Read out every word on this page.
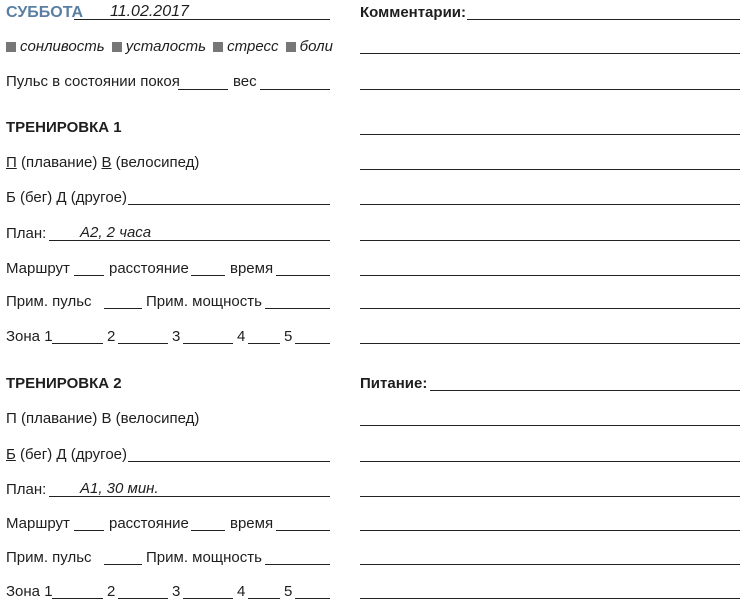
СУББОТА 11.02.2017	Комментарии:
сонливость усталость стресс боли
Пульс в состоянии покоя	вес
ТРЕНИРОВКА 1
П (плавание) В (велосипед)
Б (бег) Д (другое)
План: А2, 2 часа
Маршрут	расстояние	время
Прим. пульс	Прим. мощность
Зона 1	2	3	4	5
ТРЕНИРОВКА 2	Питание:
П (плавание) В (велосипед)
Б (бег) Д (другое)
План: А1, 30 мин.
Маршрут	расстояние	время
Прим. пульс	Прим. мощность
Зона 1	2	3	4	5
